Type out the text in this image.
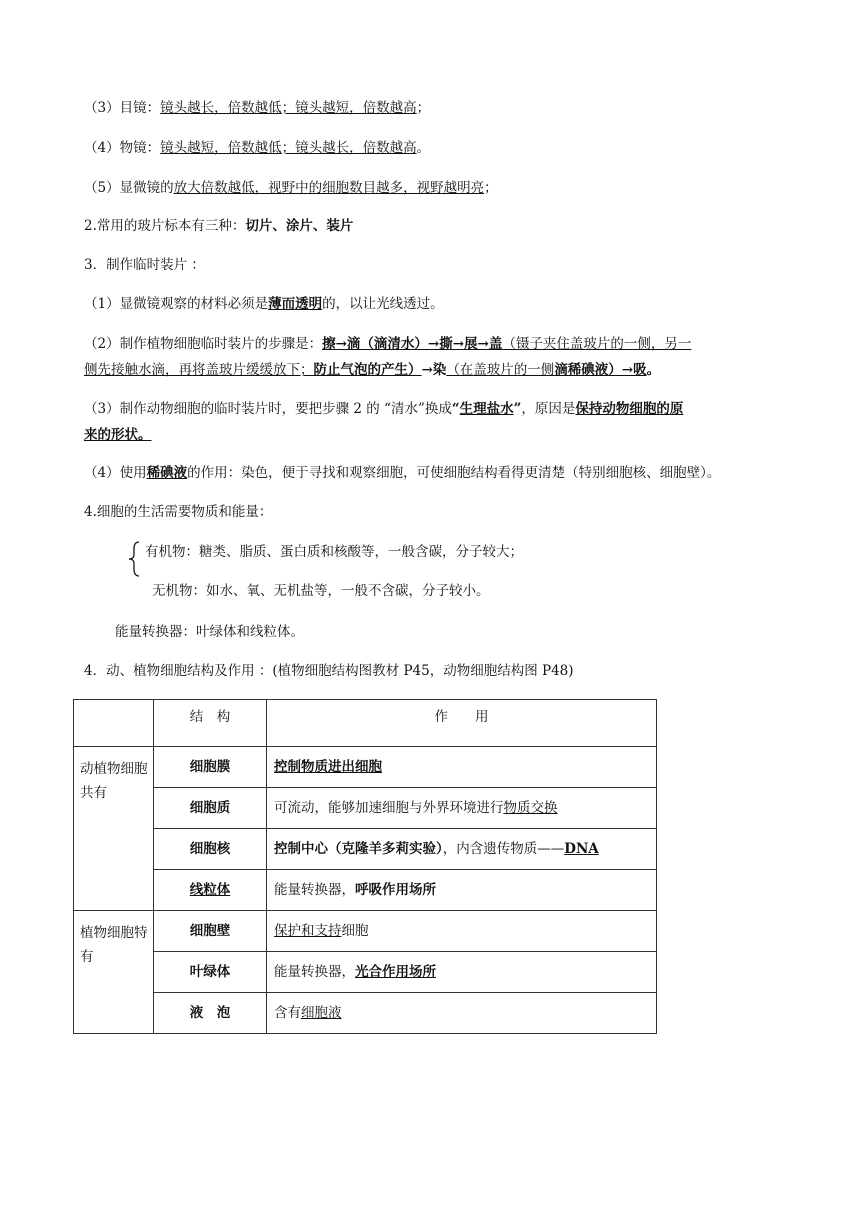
（3）目镜：镜头越长，倍数越低；镜头越短，倍数越高；
（4）物镜：镜头越短，倍数越低；镜头越长，倍数越高。
（5）显微镜的放大倍数越低，视野中的细胞数目越多，视野越明亮；
2.常用的玻片标本有三种：切片、涂片、装片
3．制作临时装片 ：
（1）显微镜观察的材料必须是薄而透明的，以让光线透过。
（2）制作植物细胞临时装片的步骤是：擦→滴（滴清水）→撕→展→盖（镊子夹住盖玻片的一侧，另一
侧先接触水滴，再将盖玻片缓缓放下；防止气泡的产生）→染（在盖玻片的一侧滴稀碘液）→吸。
（3）制作动物细胞的临时装片时，要把步骤 2 的 “清水”换成“生理盐水”，原因是保持动物细胞的原
来的形状。
（4）使用稀碘液的作用：染色，便于寻找和观察细胞，可使细胞结构看得更清楚（特别细胞核、细胞壁）。
4.细胞的生活需要物质和能量：
有机物：糖类、脂质、蛋白质和核酸等，一般含碳，分子较大；
无机物：如水、氧、无机盐等，一般不含碳，分子较小。
能量转换器：叶绿体和线粒体。
4．动、植物细胞结构及作用 ：(植物细胞结构图教材 P45，动物细胞结构图 P48)
	结　构	作　　用
动植物细胞共有	细胞膜	控制物质进出细胞
	细胞质	可流动，能够加速细胞与外界环境进行物质交换
	细胞核	控制中心（克隆羊多莉实验），内含遗传物质——DNA
	线粒体	能量转换器，呼吸作用场所
植物细胞特有	细胞壁	保护和支持细胞
	叶绿体	能量转换器，光合作用场所
	液　泡	含有细胞液
